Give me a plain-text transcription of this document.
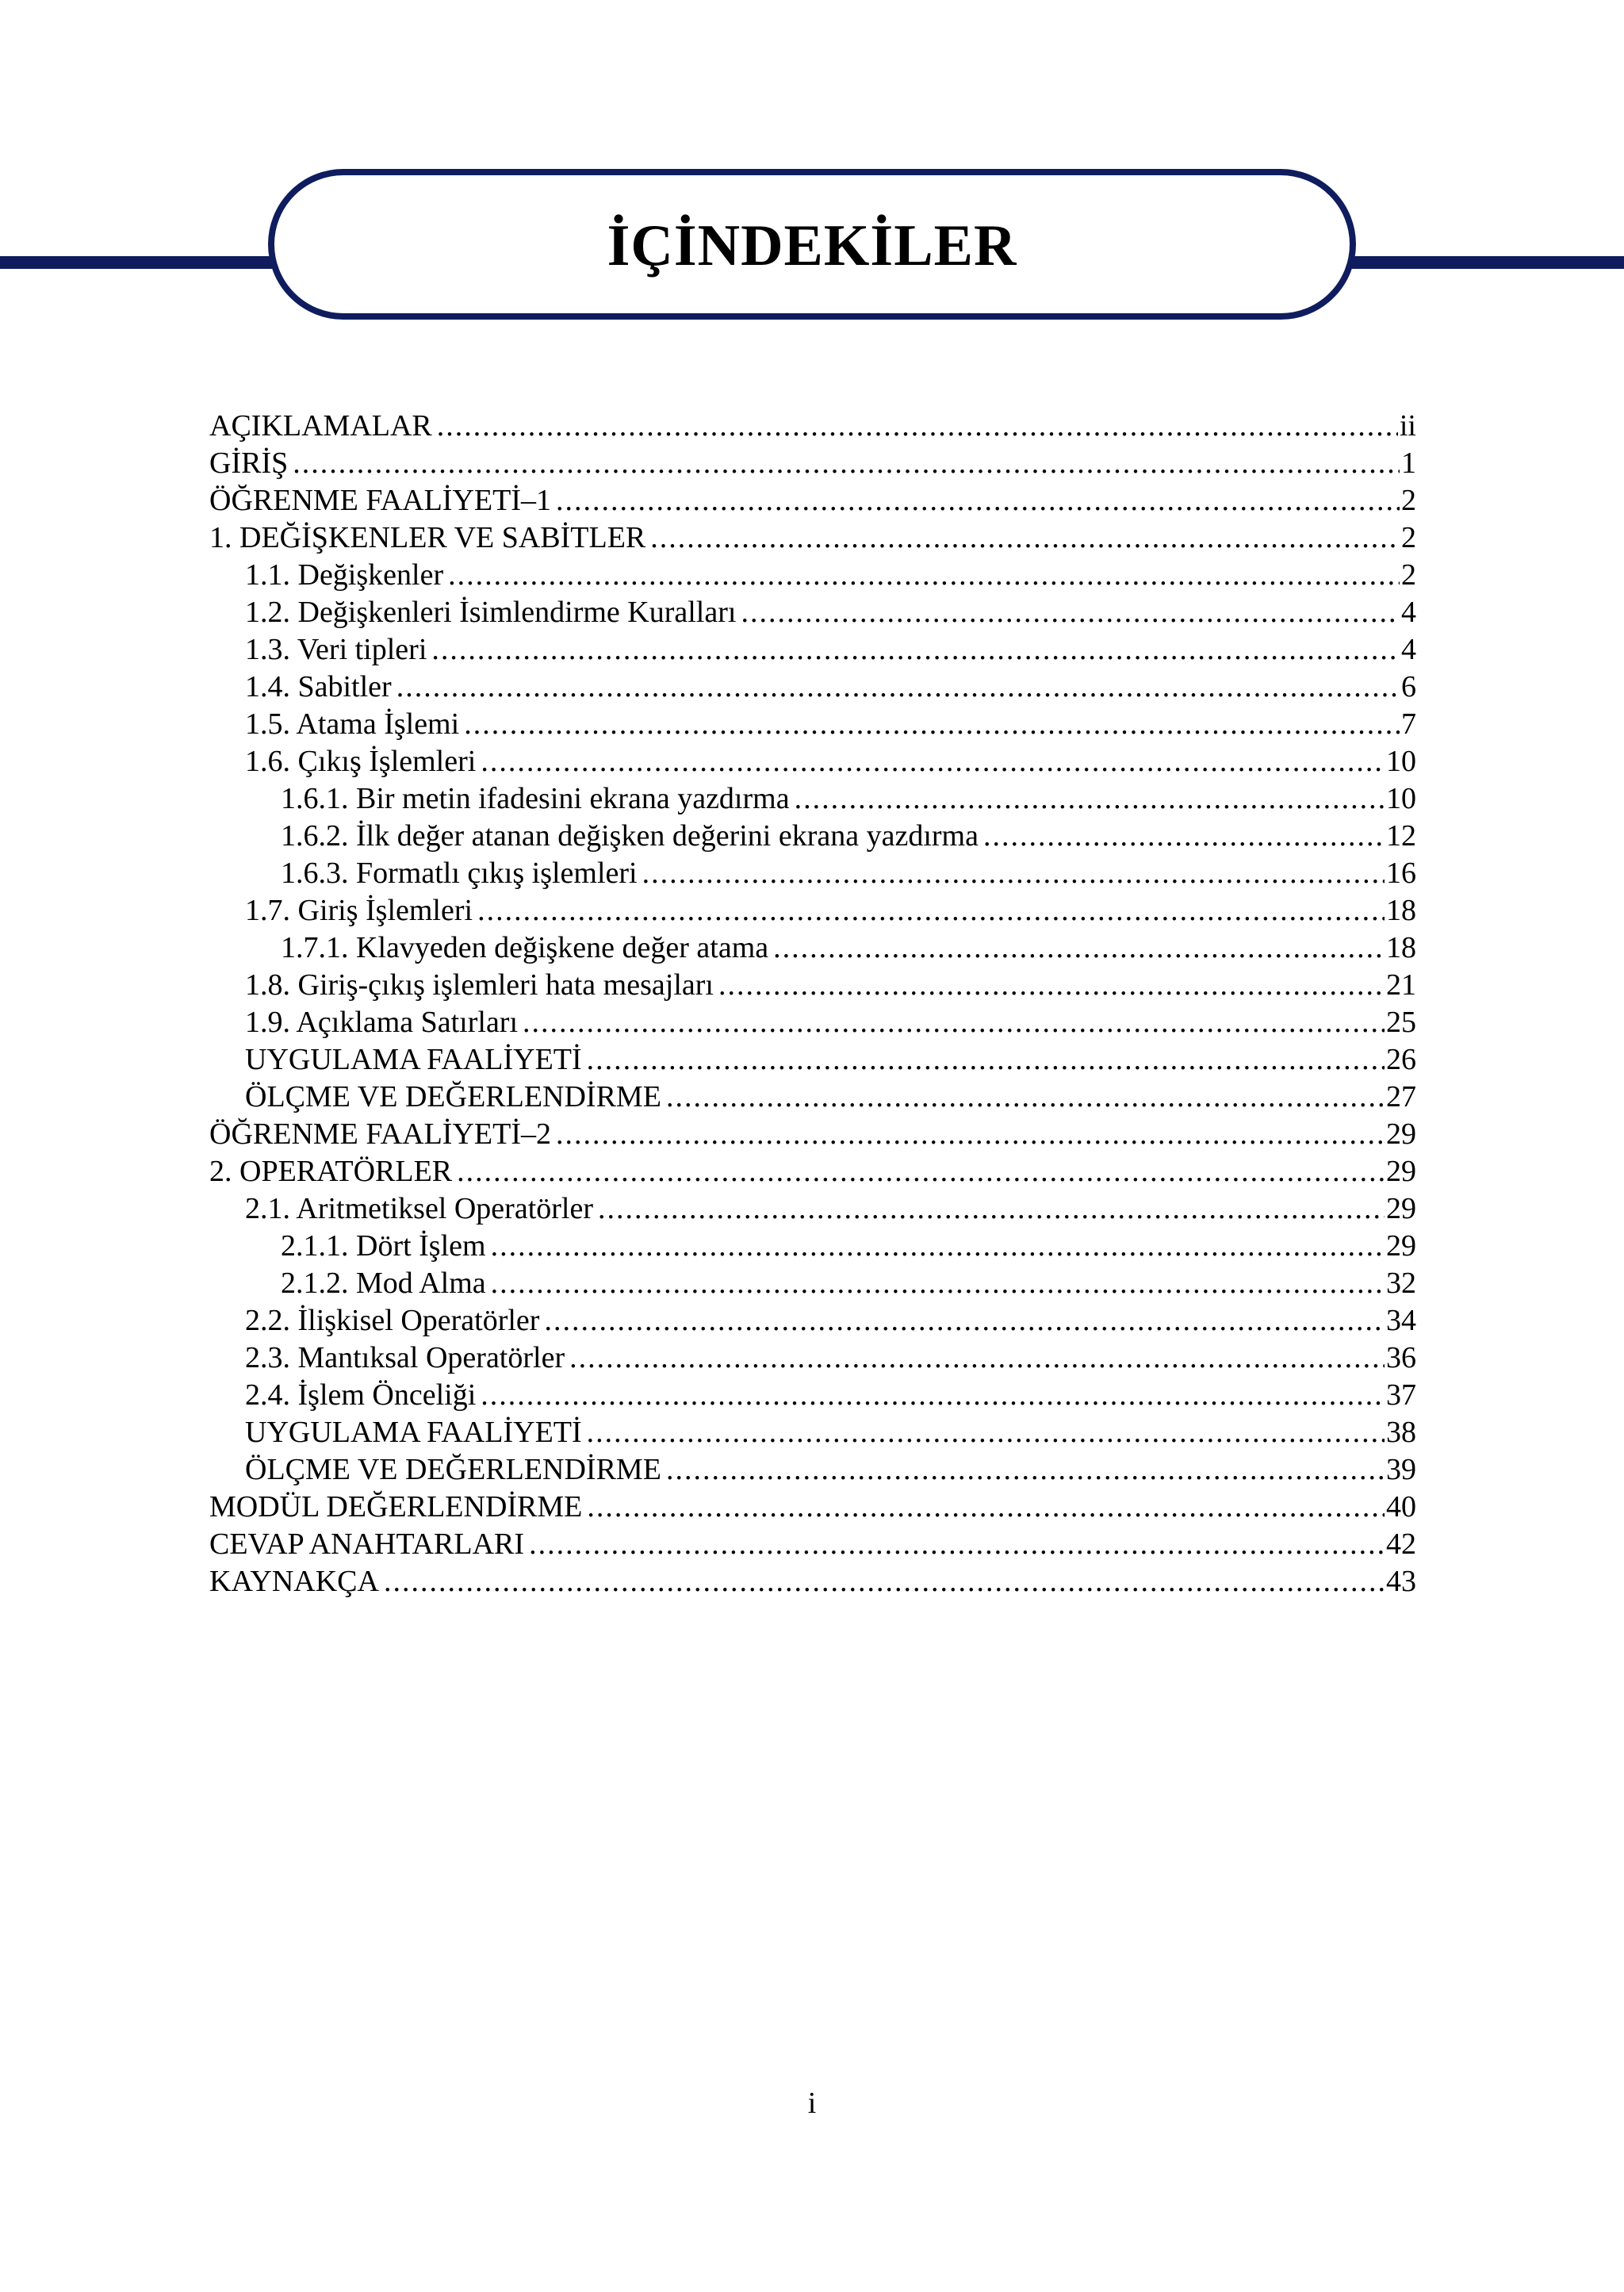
İÇİNDEKİLER
AÇIKLAMALAR .....	ii
GİRİŞ .....	1
ÖĞRENME FAALİYETİ–1 .....	2
1. DEĞİŞKENLER VE SABİTLER .....	2
1.1. Değişkenler .....	2
1.2. Değişkenleri İsimlendirme Kuralları .....	4
1.3. Veri tipleri .....	4
1.4. Sabitler .....	6
1.5. Atama İşlemi .....	7
1.6. Çıkış İşlemleri .....	10
1.6.1. Bir metin ifadesini ekrana yazdırma .....	10
1.6.2. İlk değer atanan değişken değerini ekrana yazdırma .....	12
1.6.3. Formatlı çıkış işlemleri .....	16
1.7. Giriş İşlemleri .....	18
1.7.1. Klavyeden değişkene değer atama .....	18
1.8. Giriş-çıkış işlemleri hata mesajları .....	21
1.9. Açıklama Satırları .....	25
UYGULAMA FAALİYETİ .....	26
ÖLÇME VE DEĞERLENDİRME .....	27
ÖĞRENME FAALİYETİ–2 .....	29
2. OPERATÖRLER .....	29
2.1. Aritmetiksel Operatörler .....	29
2.1.1. Dört İşlem .....	29
2.1.2. Mod Alma .....	32
2.2. İlişkisel Operatörler .....	34
2.3. Mantıksal Operatörler .....	36
2.4. İşlem Önceliği .....	37
UYGULAMA FAALİYETİ .....	38
ÖLÇME VE DEĞERLENDİRME .....	39
MODÜL DEĞERLENDİRME .....	40
CEVAP ANAHTARLARI .....	42
KAYNAKÇA .....	43
i
